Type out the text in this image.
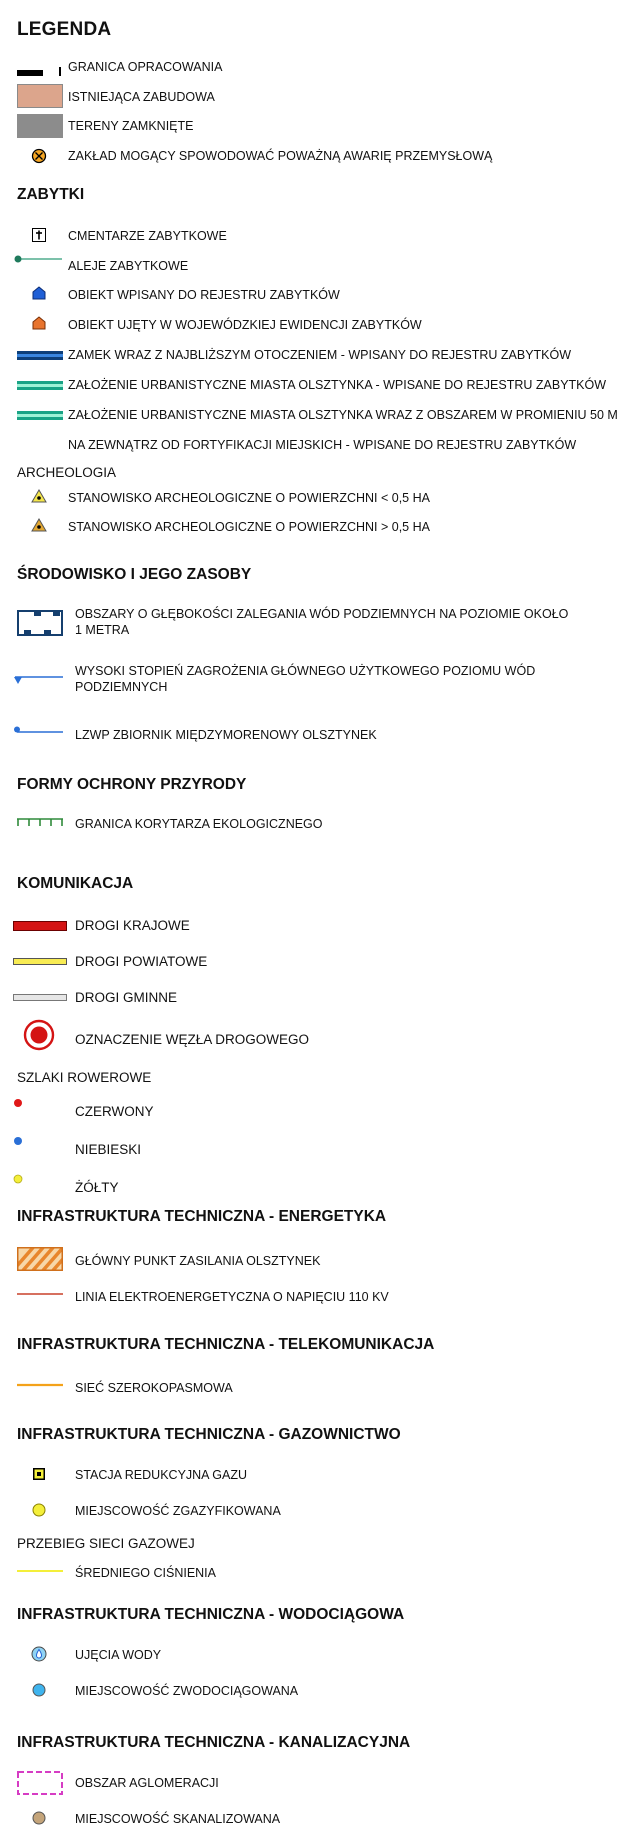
LEGENDA
GRANICA OPRACOWANIA
ISTNIEJĄCA ZABUDOWA
TERENY ZAMKNIĘTE
ZAKŁAD MOGĄCY SPOWODOWAĆ POWAŻNĄ AWARIĘ PRZEMYSŁOWĄ
ZABYTKI
CMENTARZE ZABYTKOWE
ALEJE ZABYTKOWE
OBIEKT WPISANY DO REJESTRU ZABYTKÓW
OBIEKT UJĘTY W WOJEWÓDZKIEJ EWIDENCJI ZABYTKÓW
ZAMEK WRAZ Z NAJBLIŻSZYM OTOCZENIEM - WPISANY DO REJESTRU ZABYTKÓW
ZAŁOŻENIE URBANISTYCZNE MIASTA OLSZTYNKA - WPISANE DO REJESTRU ZABYTKÓW
ZAŁOŻENIE URBANISTYCZNE MIASTA OLSZTYNKA WRAZ Z OBSZAREM W PROMIENIU 50 M
NA ZEWNĄTRZ OD FORTYFIKACJI MIEJSKICH - WPISANE DO REJESTRU ZABYTKÓW
ARCHEOLOGIA
STANOWISKO ARCHEOLOGICZNE O POWIERZCHNI < 0,5 HA
STANOWISKO ARCHEOLOGICZNE O POWIERZCHNI > 0,5 HA
ŚRODOWISKO I JEGO ZASOBY
OBSZARY O GŁĘBOKOŚCI ZALEGANIA WÓD PODZIEMNYCH NA POZIOMIE OKOŁO 1 METRA
WYSOKI STOPIEŃ ZAGROŻENIA GŁÓWNEGO UŻYTKOWEGO POZIOMU WÓD PODZIEMNYCH
LZWP ZBIORNIK MIĘDZYMORENOWY OLSZTYNEK
FORMY OCHRONY PRZYRODY
GRANICA KORYTARZA EKOLOGICZNEGO
KOMUNIKACJA
DROGI KRAJOWE
DROGI POWIATOWE
DROGI GMINNE
OZNACZENIE WĘZŁA DROGOWEGO
SZLAKI ROWEROWE
CZERWONY
NIEBIESKI
ŻÓŁTY
INFRASTRUKTURA TECHNICZNA - ENERGETYKA
GŁÓWNY PUNKT ZASILANIA OLSZTYNEK
LINIA ELEKTROENERGETYCZNA O NAPIĘCIU 110 KV
INFRASTRUKTURA TECHNICZNA - TELEKOMUNIKACJA
SIEĆ SZEROKOPASMOWA
INFRASTRUKTURA TECHNICZNA - GAZOWNICTWO
STACJA REDUKCYJNA GAZU
MIEJSCOWOŚĆ ZGAZYFIKOWANA
PRZEBIEG SIECI GAZOWEJ
ŚREDNIEGO CIŚNIENIA
INFRASTRUKTURA TECHNICZNA - WODOCIĄGOWA
UJĘCIA WODY
MIEJSCOWOŚĆ ZWODOCIĄGOWANA
INFRASTRUKTURA TECHNICZNA - KANALIZACYJNA
OBSZAR AGLOMERACJI
MIEJSCOWOŚĆ SKANALIZOWANA
